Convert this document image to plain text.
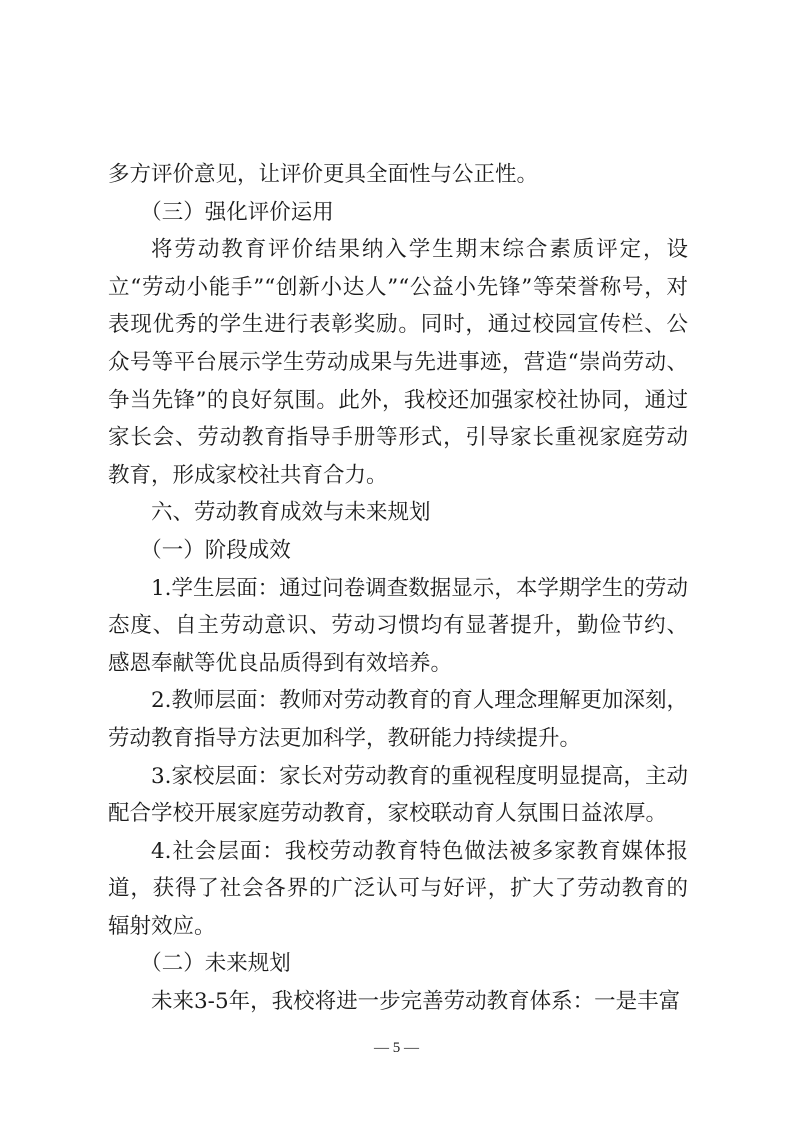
多方评价意见，让评价更具全面性与公正性。

（三）强化评价运用

将劳动教育评价结果纳入学生期末综合素质评定，设立“劳动小能手”“创新小达人”“公益小先锋”等荣誉称号，对表现优秀的学生进行表彰奖励。同时，通过校园宣传栏、公众号等平台展示学生劳动成果与先进事迹，营造“崇尚劳动、争当先锋”的良好氛围。此外，我校还加强家校社协同，通过家长会、劳动教育指导手册等形式，引导家长重视家庭劳动教育，形成家校社共育合力。

六、劳动教育成效与未来规划

（一）阶段成效

1.学生层面：通过问卷调查数据显示，本学期学生的劳动态度、自主劳动意识、劳动习惯均有显著提升，勤俭节约、感恩奉献等优良品质得到有效培养。

2.教师层面：教师对劳动教育的育人理念理解更加深刻，劳动教育指导方法更加科学，教研能力持续提升。

3.家校层面：家长对劳动教育的重视程度明显提高，主动配合学校开展家庭劳动教育，家校联动育人氛围日益浓厚。

4.社会层面：我校劳动教育特色做法被多家教育媒体报道，获得了社会各界的广泛认可与好评，扩大了劳动教育的辐射效应。

（二）未来规划

未来3-5年，我校将进一步完善劳动教育体系：一是丰富

— 5 —
